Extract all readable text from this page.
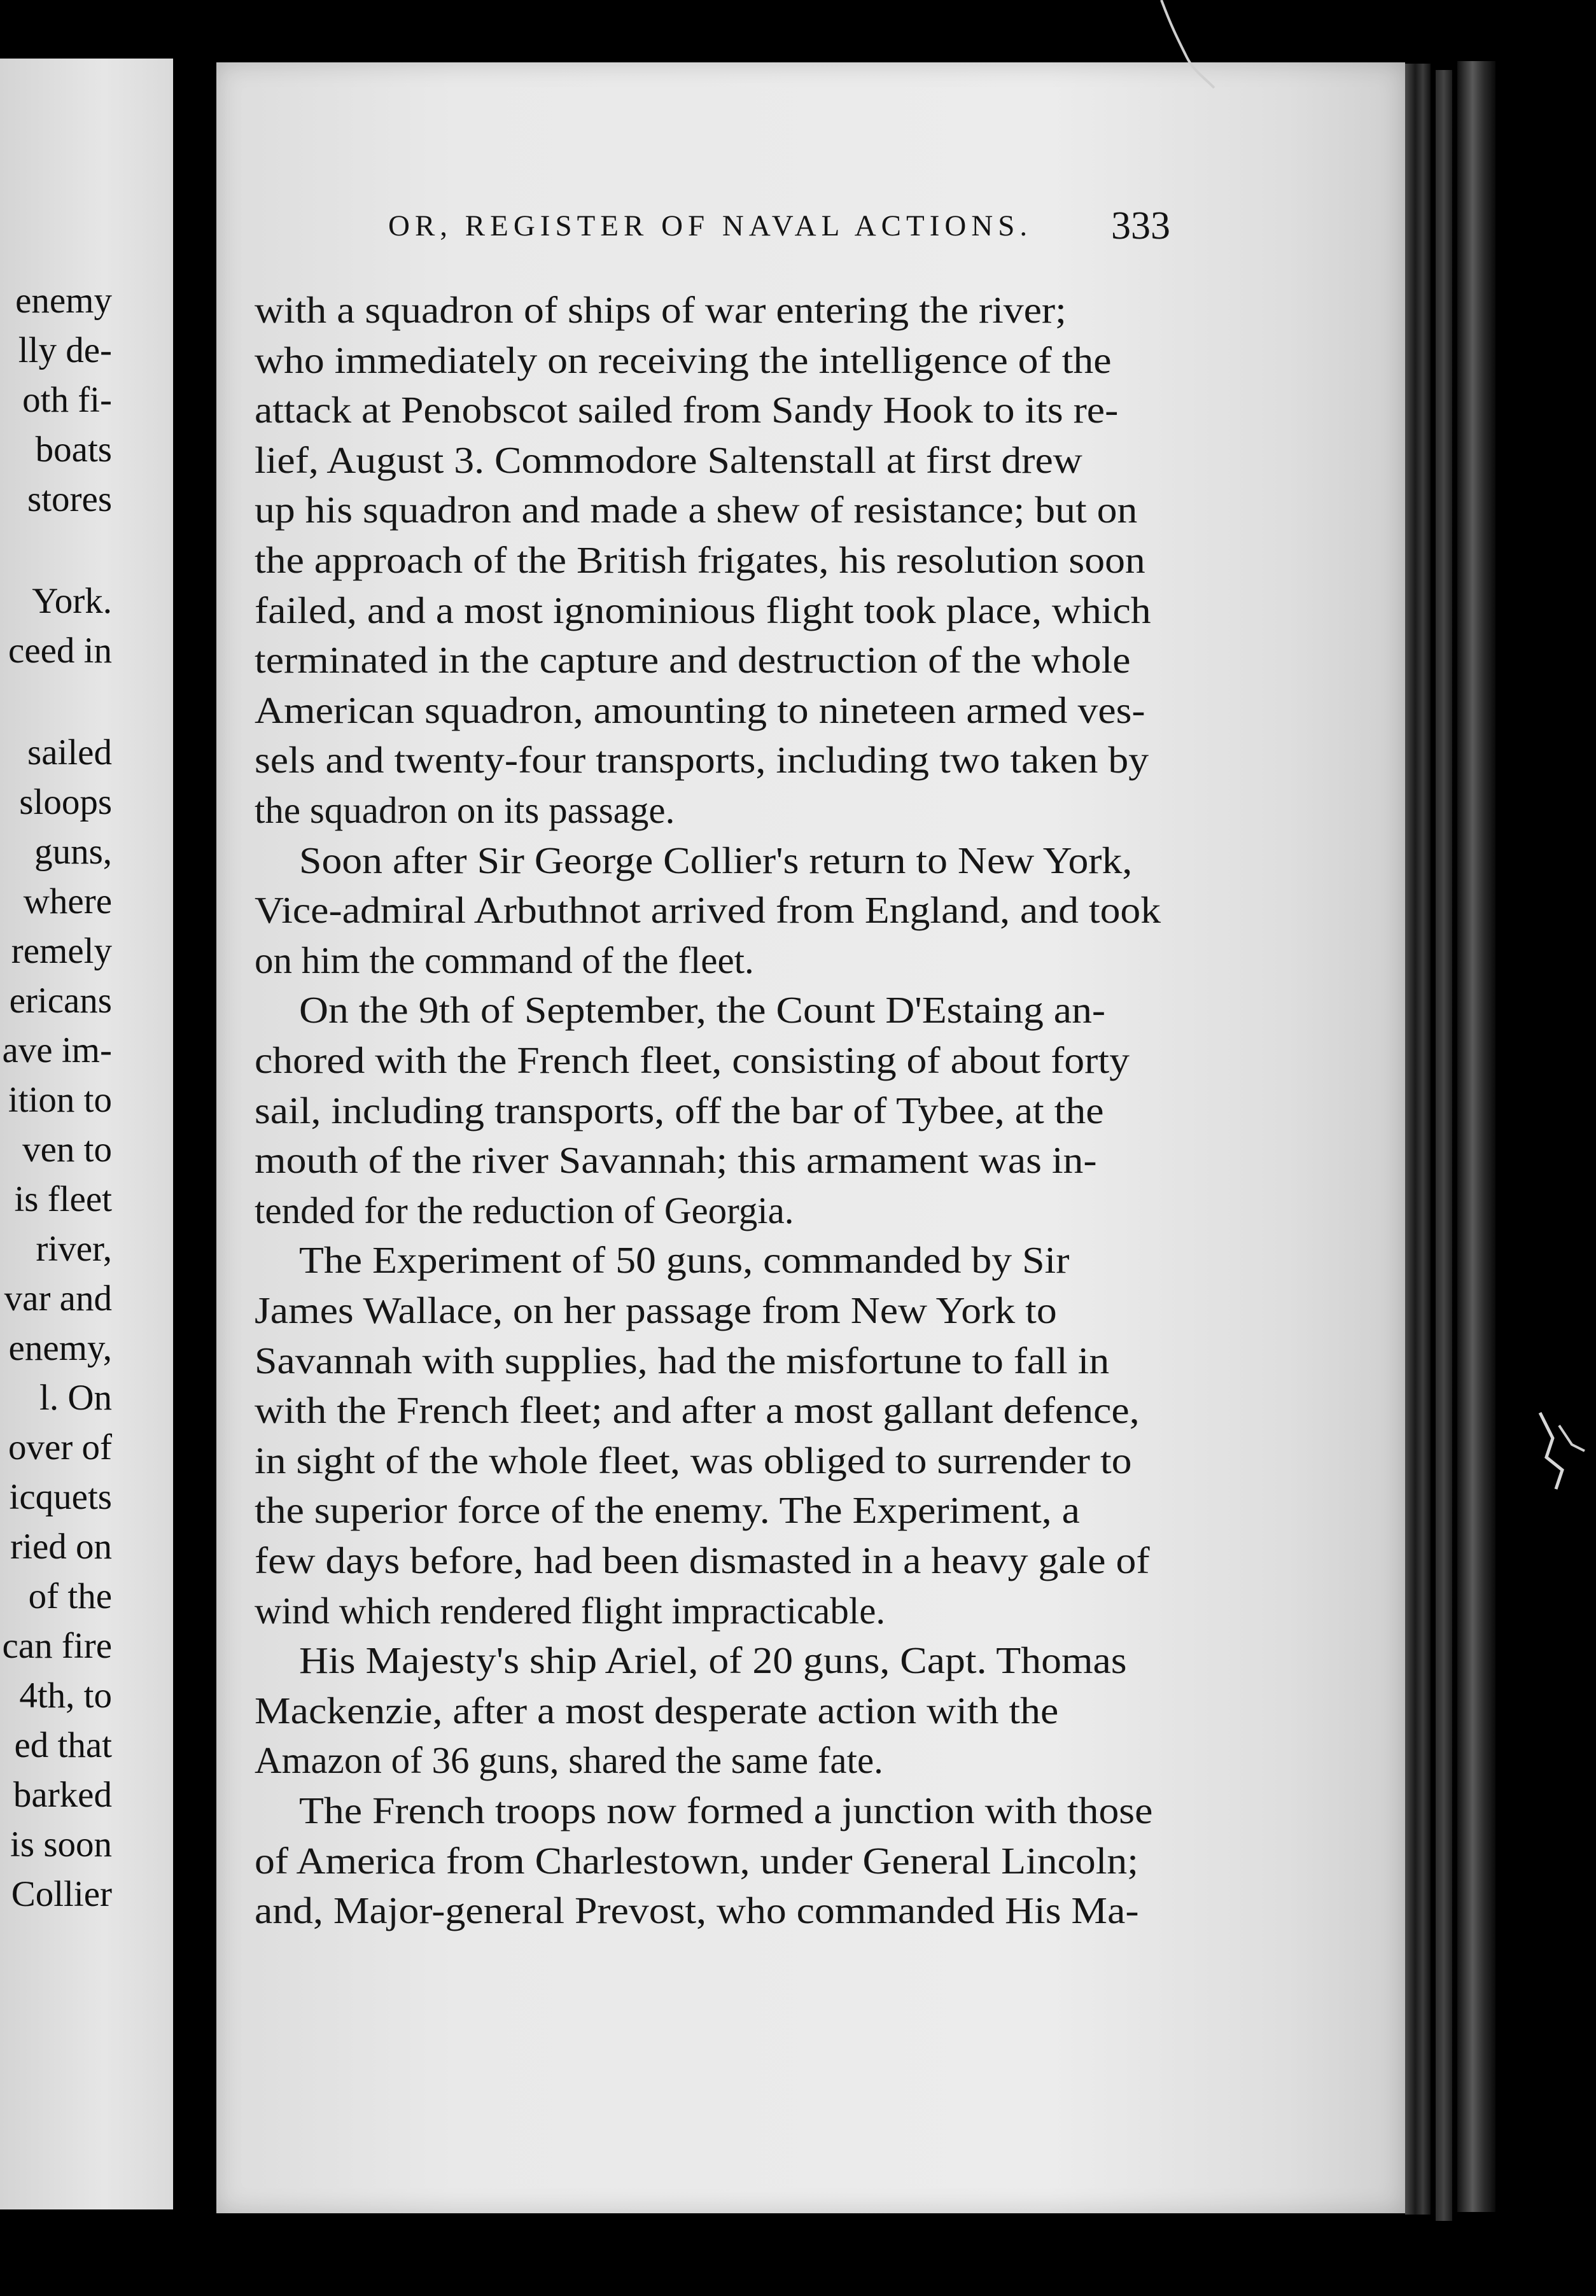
enemy
lly de-
oth fi-
boats
stores
York.
ceed in
sailed
sloops
guns,
where
remely
ericans
ave im-
ition to
ven to
is fleet
river,
var and
enemy,
l. On
over of
icquets
ried on
of the
can fire
4th, to
ed that
barked
is soon
Collier
OR, REGISTER OF NAVAL ACTIONS.	333
with a squadron of ships of war entering the river;
who immediately on receiving the intelligence of the
attack at Penobscot sailed from Sandy Hook to its re-
lief, August 3. Commodore Saltenstall at first drew
up his squadron and made a shew of resistance; but on
the approach of the British frigates, his resolution soon
failed, and a most ignominious flight took place, which
terminated in the capture and destruction of the whole
American squadron, amounting to nineteen armed ves-
sels and twenty-four transports, including two taken by
the squadron on its passage.
Soon after Sir George Collier's return to New York,
Vice-admiral Arbuthnot arrived from England, and took
on him the command of the fleet.
On the 9th of September, the Count D'Estaing an-
chored with the French fleet, consisting of about forty
sail, including transports, off the bar of Tybee, at the
mouth of the river Savannah; this armament was in-
tended for the reduction of Georgia.
The Experiment of 50 guns, commanded by Sir
James Wallace, on her passage from New York to
Savannah with supplies, had the misfortune to fall in
with the French fleet; and after a most gallant defence,
in sight of the whole fleet, was obliged to surrender to
the superior force of the enemy. The Experiment, a
few days before, had been dismasted in a heavy gale of
wind which rendered flight impracticable.
His Majesty's ship Ariel, of 20 guns, Capt. Thomas
Mackenzie, after a most desperate action with the
Amazon of 36 guns, shared the same fate.
The French troops now formed a junction with those
of America from Charlestown, under General Lincoln;
and, Major-general Prevost, who commanded His Ma-
